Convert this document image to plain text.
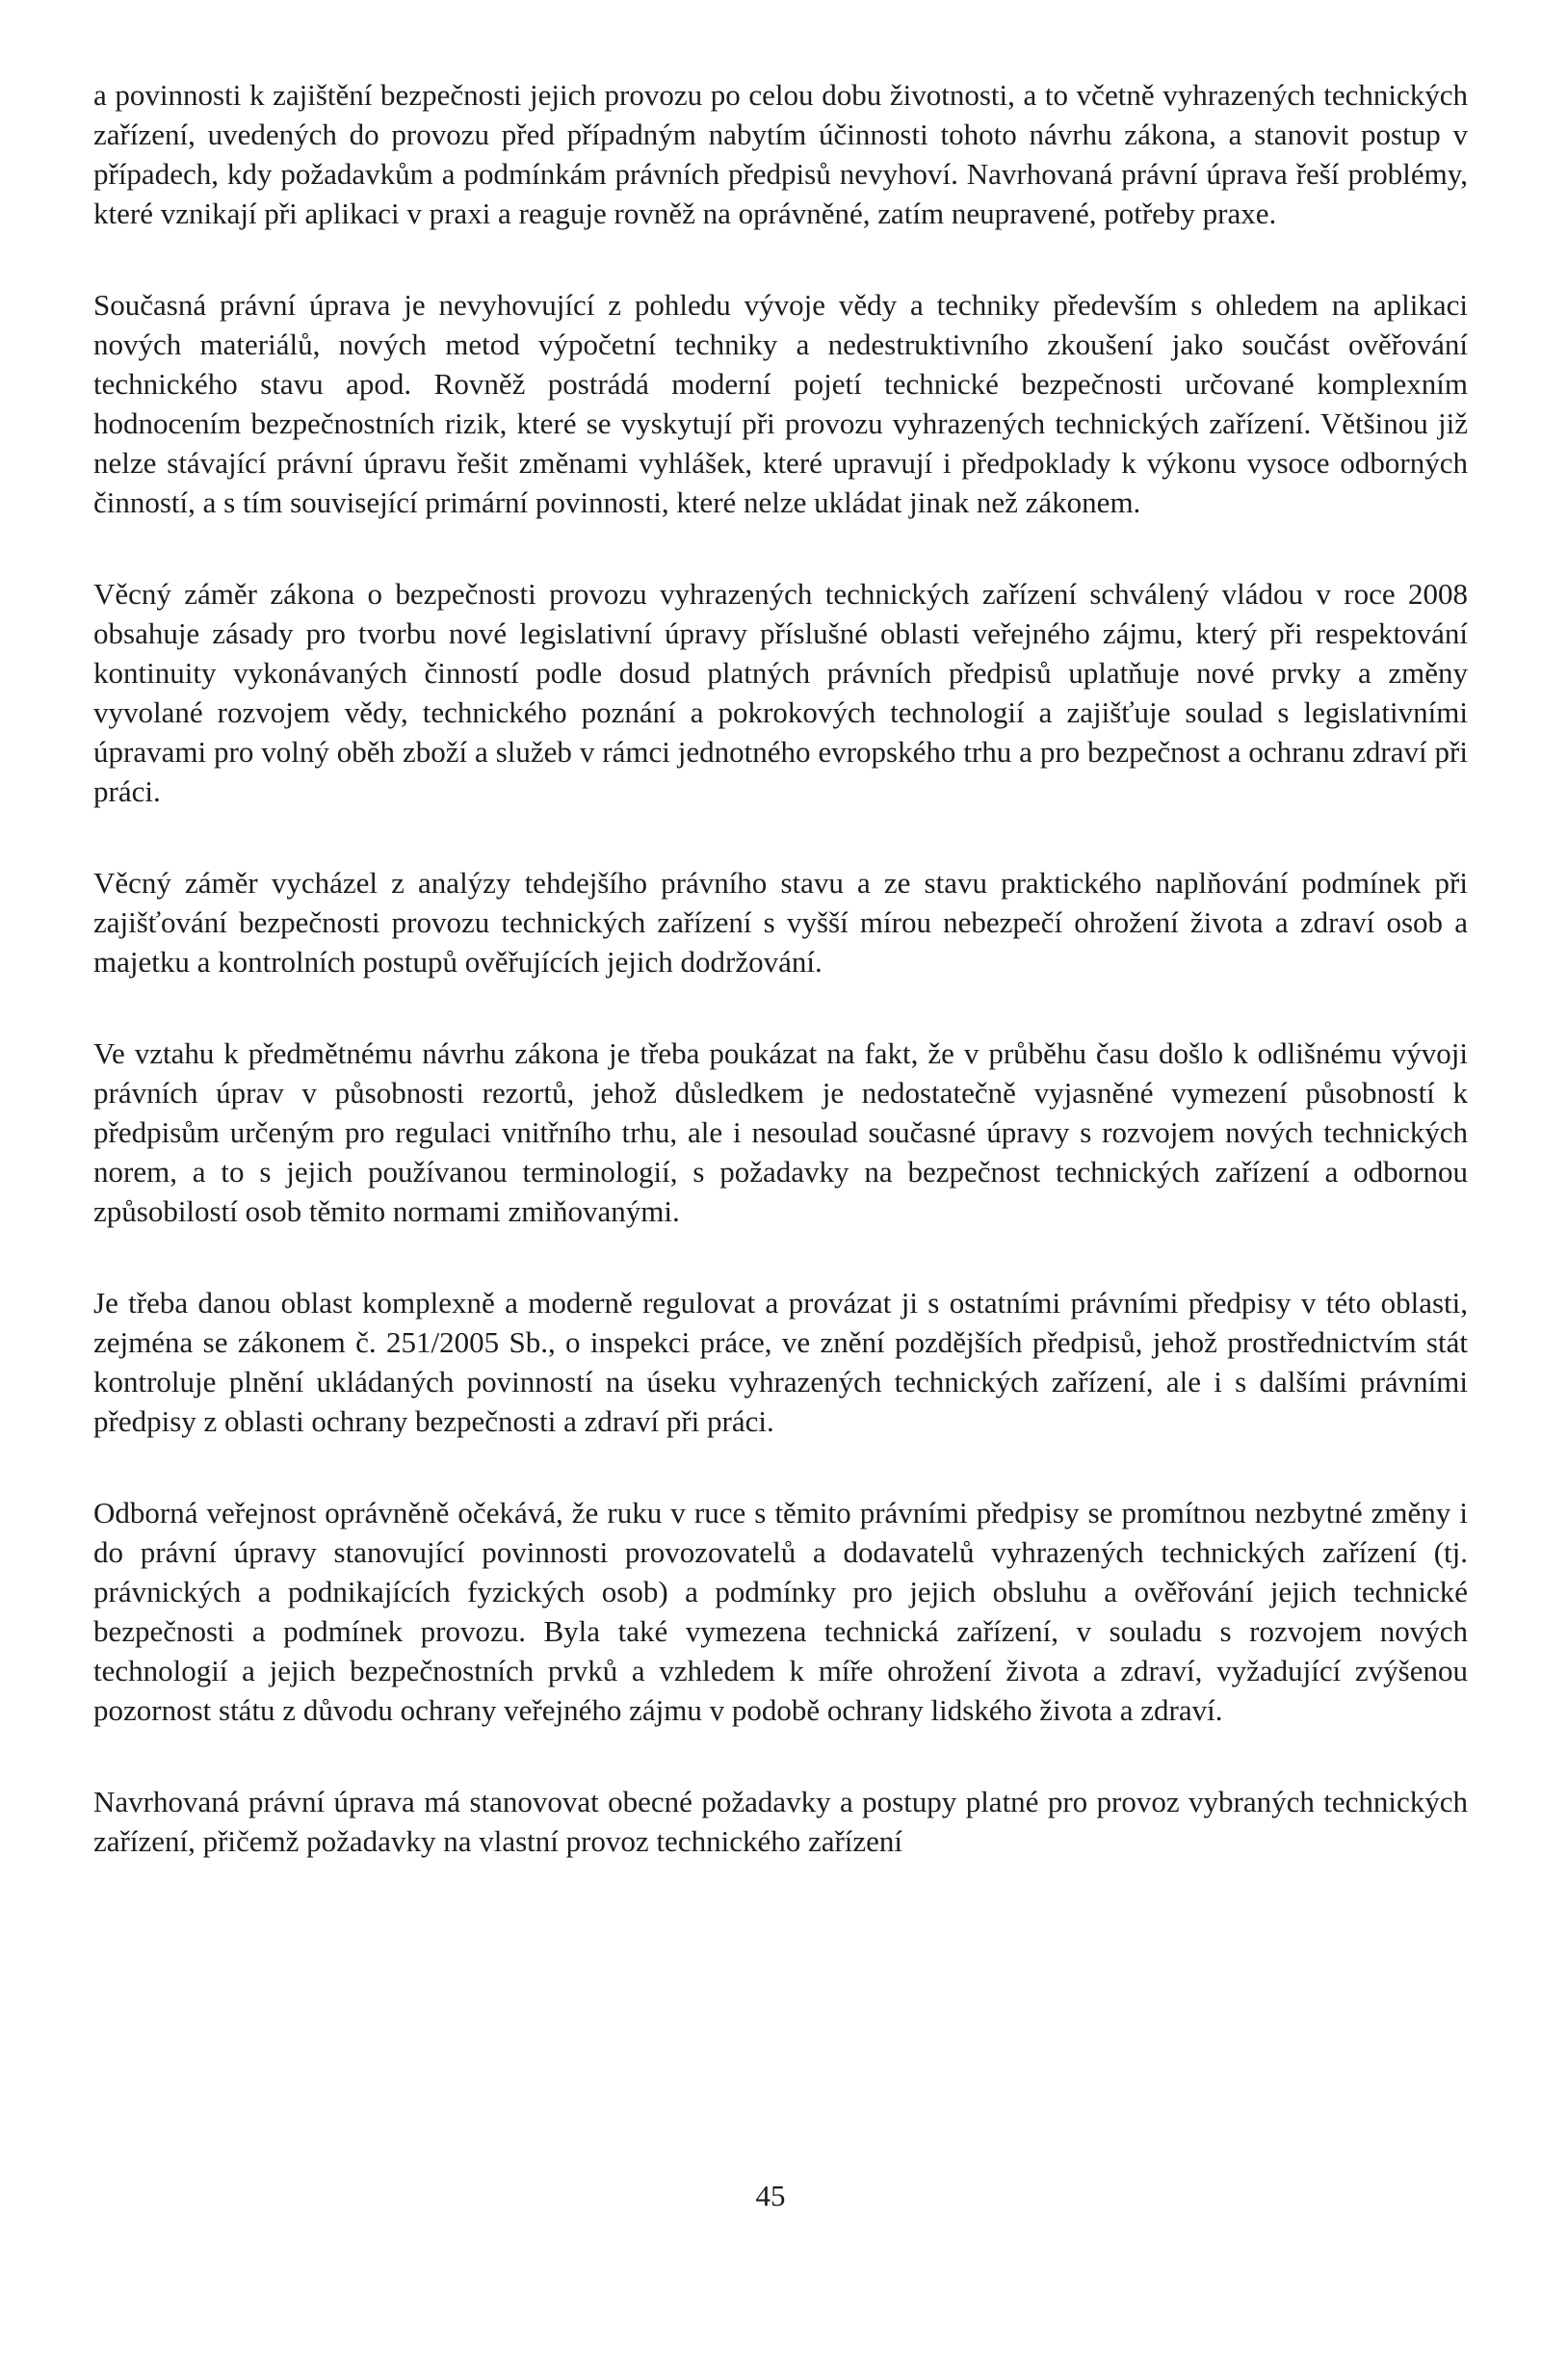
a povinnosti k zajištění bezpečnosti jejich provozu po celou dobu životnosti, a to včetně vyhrazených technických zařízení, uvedených do provozu před případným nabytím účinnosti tohoto návrhu zákona, a stanovit postup v případech, kdy požadavkům a podmínkám právních předpisů nevyhoví. Navrhovaná právní úprava řeší problémy, které vznikají při aplikaci v praxi a reaguje rovněž na oprávněné, zatím neupravené, potřeby praxe.

Současná právní úprava je nevyhovující z pohledu vývoje vědy a techniky především s ohledem na aplikaci nových materiálů, nových metod výpočetní techniky a nedestruktivního zkoušení jako součást ověřování technického stavu apod. Rovněž postrádá moderní pojetí technické bezpečnosti určované komplexním hodnocením bezpečnostních rizik, které se vyskytují při provozu vyhrazených technických zařízení. Většinou již nelze stávající právní úpravu řešit změnami vyhlášek, které upravují i předpoklady k výkonu vysoce odborných činností, a s tím související primární povinnosti, které nelze ukládat jinak než zákonem.

Věcný záměr zákona o bezpečnosti provozu vyhrazených technických zařízení schválený vládou v roce 2008 obsahuje zásady pro tvorbu nové legislativní úpravy příslušné oblasti veřejného zájmu, který při respektování kontinuity vykonávaných činností podle dosud platných právních předpisů uplatňuje nové prvky a změny vyvolané rozvojem vědy, technického poznání a pokrokových technologií a zajišťuje soulad s legislativními úpravami pro volný oběh zboží a služeb v rámci jednotného evropského trhu a pro bezpečnost a ochranu zdraví při práci.

Věcný záměr vycházel z analýzy tehdejšího právního stavu a ze stavu praktického naplňování podmínek při zajišťování bezpečnosti provozu technických zařízení s vyšší mírou nebezpečí ohrožení života a zdraví osob a majetku a kontrolních postupů ověřujících jejich dodržování.

Ve vztahu k předmětnému návrhu zákona je třeba poukázat na fakt, že v průběhu času došlo k odlišnému vývoji právních úprav v působnosti rezortů, jehož důsledkem je nedostatečně vyjasněné vymezení působností k předpisům určeným pro regulaci vnitřního trhu, ale i nesoulad současné úpravy s rozvojem nových technických norem, a to s jejich používanou terminologií, s požadavky na bezpečnost technických zařízení a odbornou způsobilostí osob těmito normami zmiňovanými.

Je třeba danou oblast komplexně a moderně regulovat a provázat ji s ostatními právními předpisy v této oblasti, zejména se zákonem č. 251/2005 Sb., o inspekci práce, ve znění pozdějších předpisů, jehož prostřednictvím stát kontroluje plnění ukládaných povinností na úseku vyhrazených technických zařízení, ale i s dalšími právními předpisy z oblasti ochrany bezpečnosti a zdraví při práci.

Odborná veřejnost oprávněně očekává, že ruku v ruce s těmito právními předpisy se promítnou nezbytné změny i do právní úpravy stanovující povinnosti provozovatelů a dodavatelů vyhrazených technických zařízení (tj. právnických a podnikajících fyzických osob) a podmínky pro jejich obsluhu a ověřování jejich technické bezpečnosti a podmínek provozu. Byla také vymezena technická zařízení, v souladu s rozvojem nových technologií a jejich bezpečnostních prvků a vzhledem k míře ohrožení života a zdraví, vyžadující zvýšenou pozornost státu z důvodu ochrany veřejného zájmu v podobě ochrany lidského života a zdraví.

Navrhovaná právní úprava má stanovovat obecné požadavky a postupy platné pro provoz vybraných technických zařízení, přičemž požadavky na vlastní provoz technického zařízení

45
